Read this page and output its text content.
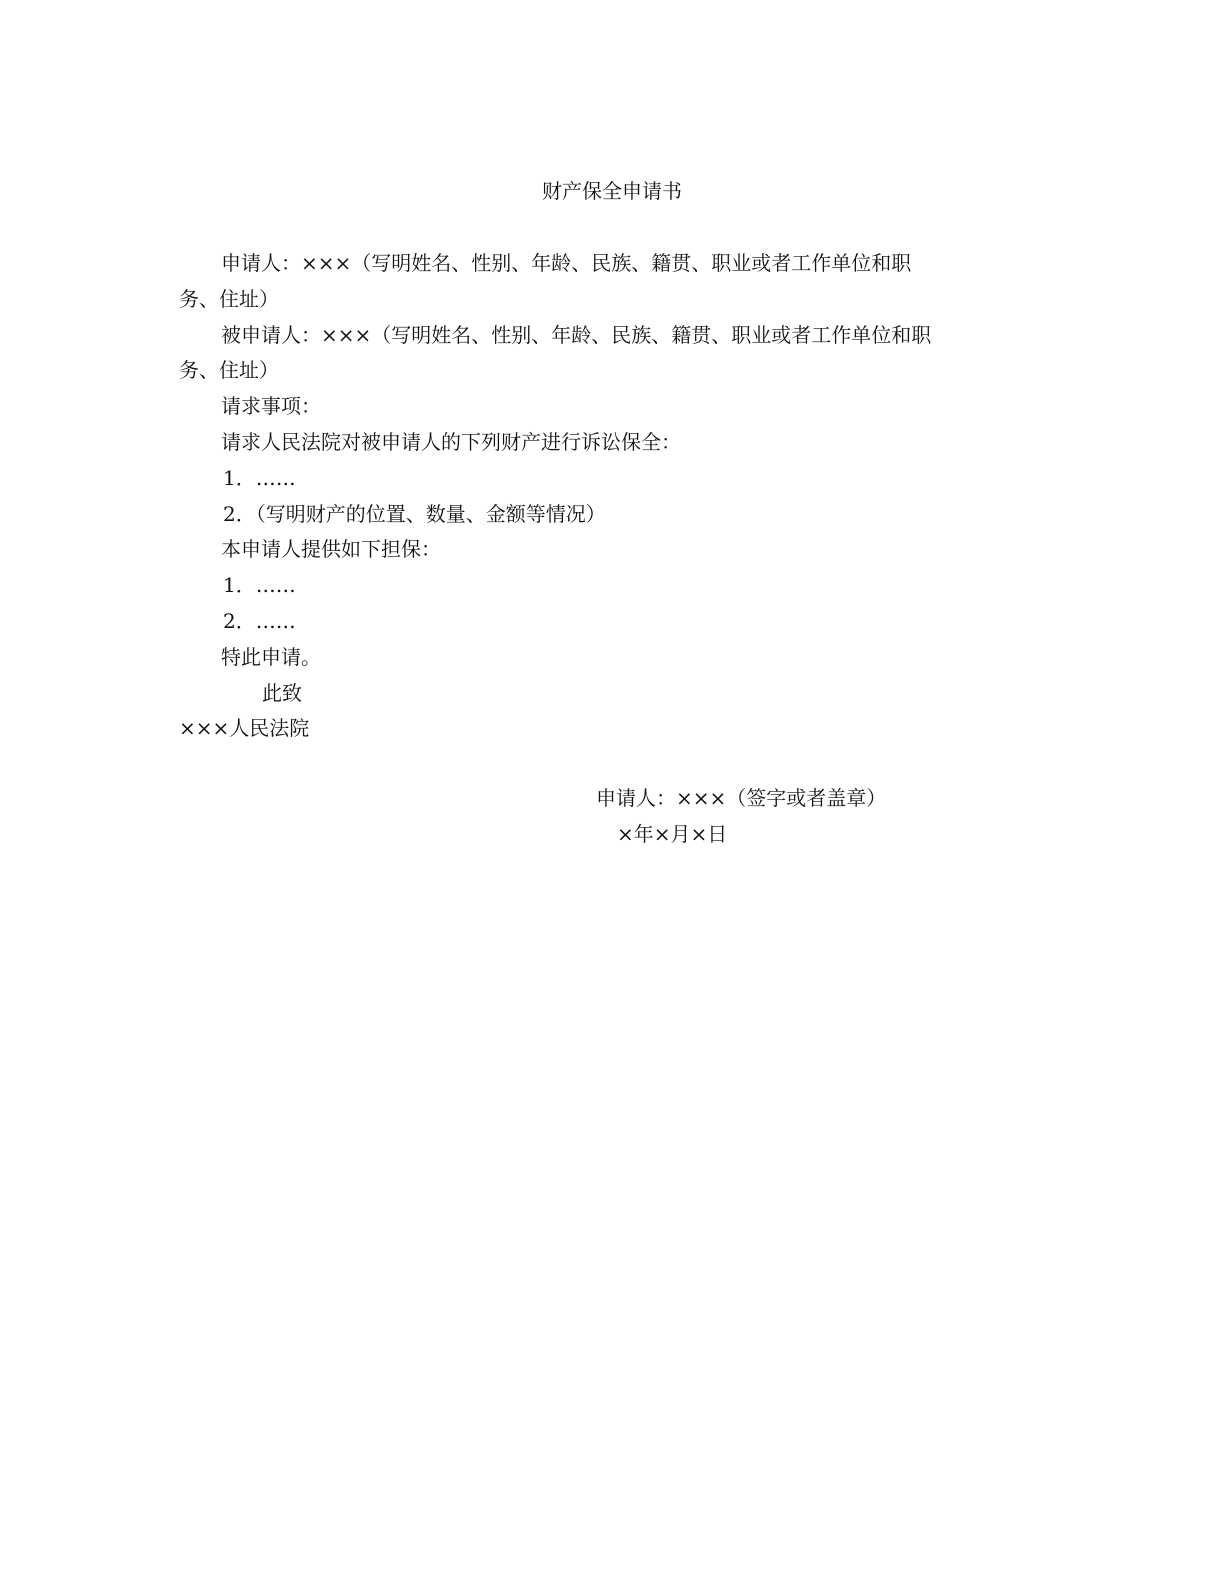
财产保全申请书
申请人：×××（写明姓名、性别、年龄、民族、籍贯、职业或者工作单位和职务、住址）
被申请人：×××（写明姓名、性别、年龄、民族、籍贯、职业或者工作单位和职务、住址）
请求事项：
请求人民法院对被申请人的下列财产进行诉讼保全：
1．……
2．（写明财产的位置、数量、金额等情况）
本申请人提供如下担保：
1．……
2．……
特此申请。
此致
×××人民法院
申请人：×××（签字或者盖章）
×年×月×日
